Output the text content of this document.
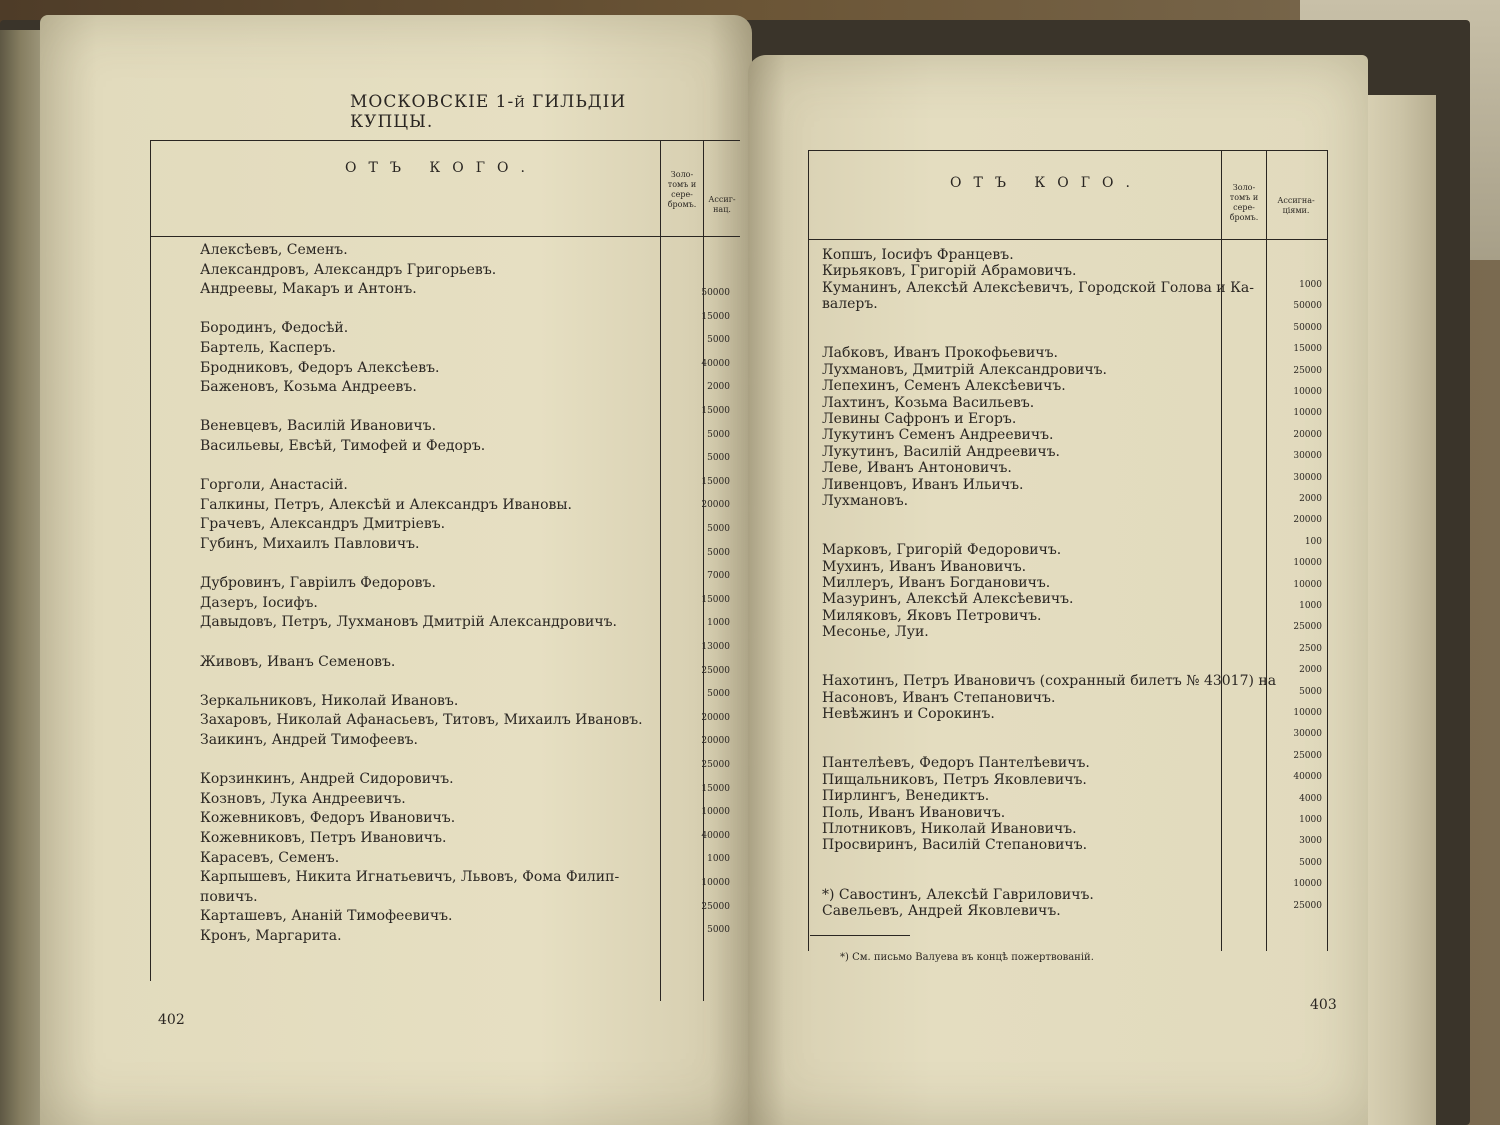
МОСКОВСКІЕ 1-й ГИЛЬДІИ КУПЦЫ.
ОТЪ КОГО.	Золо-
томъ и
сере-
бромъ.
Ассиг-
нац.
Алексѣевъ, Семенъ.
Александровъ, Александръ Григорьевъ.
Андреевы, Макаръ и Антонъ.
Бородинъ, Федосѣй.
Бартель, Касперъ.
Бродниковъ, Федоръ Алексѣевъ.
Баженовъ, Козьма Андреевъ.
Веневцевъ, Василій Ивановичъ.
Васильевы, Евсѣй, Тимофей и Федоръ.
Горголи, Анастасій.
Галкины, Петръ, Алексѣй и Александръ Ивановы.
Грачевъ, Александръ Дмитріевъ.
Губинъ, Михаилъ Павловичъ.
Дубровинъ, Гавріилъ Федоровъ.
Дазеръ, Іосифъ.
Давыдовъ, Петръ, Лухмановъ Дмитрій Александровичъ.
Живовъ, Иванъ Семеновъ.
Зеркальниковъ, Николай Ивановъ.
Захаровъ, Николай Афанасьевъ, Титовъ, Михаилъ Ивановъ.
Заикинъ, Андрей Тимофеевъ.
Корзинкинъ, Андрей Сидоровичъ.
Козновъ, Лука Андреевичъ.
Кожевниковъ, Федоръ Ивановичъ.
Кожевниковъ, Петръ Ивановичъ.
Карасевъ, Семенъ.
Карпышевъ, Никита Игнатьевичъ, Львовъ, Фома Филип-
повичъ.
Карташевъ, Ананій Тимофеевичъ.
Кронъ, Маргарита.
50000
15000
5000
40000
2000
15000
5000
5000
15000
20000
5000
5000
7000
15000
1000
13000
25000
5000
20000
20000
25000
15000
10000
40000
1000
10000
25000
5000
402
ОТЪ КОГО.	Золо-
томъ и
сере-
бромъ.
Ассигна-
ціями.
Копшъ, Іосифъ Францевъ.
Кирьяковъ, Григорій Абрамовичъ.
Куманинъ, Алексѣй Алексѣевичъ, Городской Голова и Ка-
валеръ.
Лабковъ, Иванъ Прокофьевичъ.
Лухмановъ, Дмитрій Александровичъ.
Лепехинъ, Семенъ Алексѣевичъ.
Лахтинъ, Козьма Васильевъ.
Левины Сафронъ и Егоръ.
Лукутинъ Семенъ Андреевичъ.
Лукутинъ, Василій Андреевичъ.
Леве, Иванъ Антоновичъ.
Ливенцовъ, Иванъ Ильичъ.
Лухмановъ.
Марковъ, Григорій Федоровичъ.
Мухинъ, Иванъ Ивановичъ.
Миллеръ, Иванъ Богдановичъ.
Мазуринъ, Алексѣй Алексѣевичъ.
Миляковъ, Яковъ Петровичъ.
Месонье, Луи.
Нахотинъ, Петръ Ивановичъ (сохранный билетъ № 43017) на
Насоновъ, Иванъ Степановичъ.
Невѣжинъ и Сорокинъ.
Пантелѣевъ, Федоръ Пантелѣевичъ.
Пищальниковъ, Петръ Яковлевичъ.
Пирлингъ, Венедиктъ.
Поль, Иванъ Ивановичъ.
Плотниковъ, Николай Ивановичъ.
Просвиринъ, Василій Степановичъ.
*) Савостинъ, Алексѣй Гавриловичъ.
Савельевъ, Андрей Яковлевичъ.
1000
50000
50000
15000
25000
10000
10000
20000
30000
30000
2000
20000
100
10000
10000
1000
25000
2500
2000
5000
10000
30000
25000
40000
4000
1000
3000
5000
10000
25000
*) См. письмо Валуева въ концѣ пожертвованій.
403
